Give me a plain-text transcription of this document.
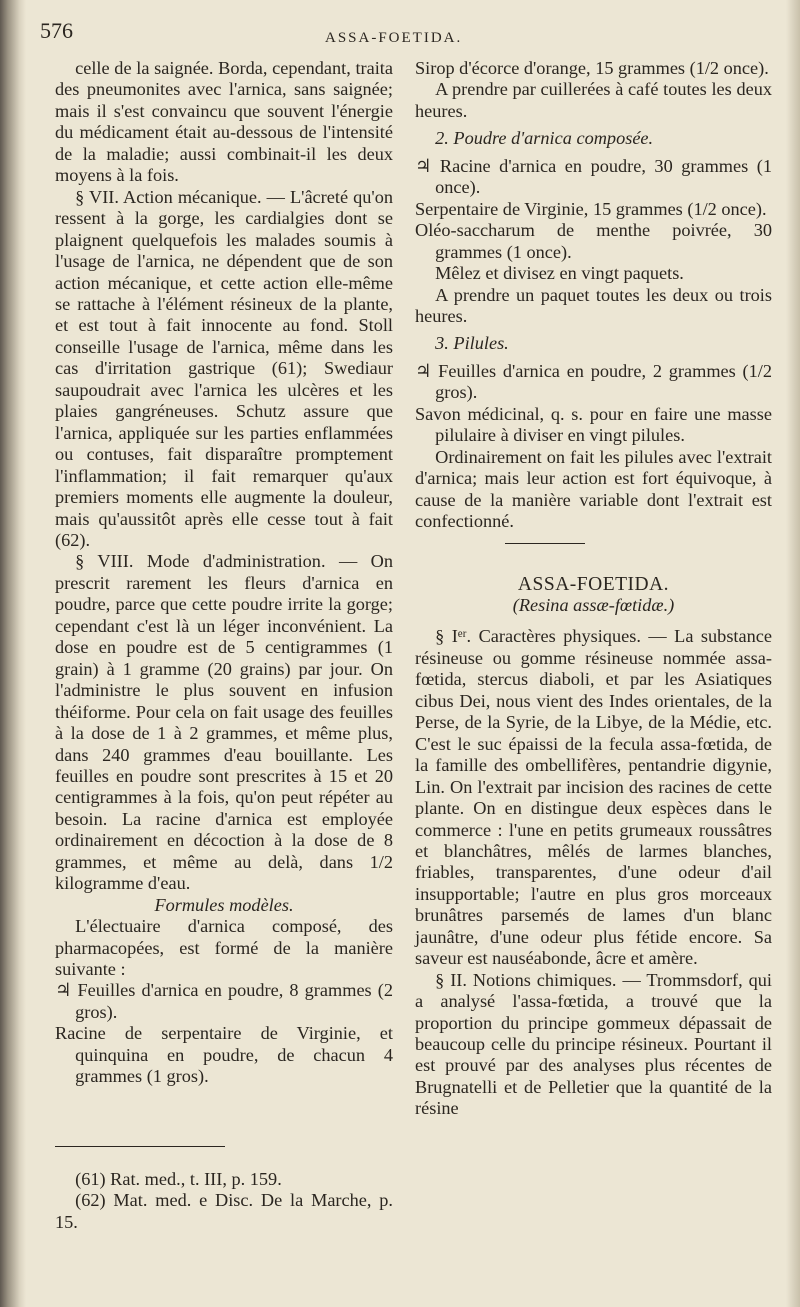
576	ASSA-FOETIDA.

celle de la saignée. Borda, cependant, traita des pneumonites avec l'arnica, sans saignée; mais il s'est convaincu que souvent l'énergie du médicament était au-dessous de l'intensité de la maladie; aussi combinait-il les deux moyens à la fois.

§ VII. Action mécanique. — L'âcreté qu'on ressent à la gorge, les cardialgies dont se plaignent quelquefois les malades soumis à l'usage de l'arnica, ne dépendent que de son action mécanique, et cette action elle-même se rattache à l'élément résineux de la plante, et est tout à fait innocente au fond. Stoll conseille l'usage de l'arnica, même dans les cas d'irritation gastrique (61); Swediaur saupoudrait avec l'arnica les ulcères et les plaies gangréneuses. Schutz assure que l'arnica, appliquée sur les parties enflammées ou contuses, fait disparaître promptement l'inflammation; il fait remarquer qu'aux premiers moments elle augmente la douleur, mais qu'aussitôt après elle cesse tout à fait (62).

§ VIII. Mode d'administration. — On prescrit rarement les fleurs d'arnica en poudre, parce que cette poudre irrite la gorge; cependant c'est là un léger inconvénient. La dose en poudre est de 5 centigrammes (1 grain) à 1 gramme (20 grains) par jour. On l'administre le plus souvent en infusion théiforme. Pour cela on fait usage des feuilles à la dose de 1 à 2 grammes, et même plus, dans 240 grammes d'eau bouillante. Les feuilles en poudre sont prescrites à 15 et 20 centigrammes à la fois, qu'on peut répéter au besoin. La racine d'arnica est employée ordinairement en décoction à la dose de 8 grammes, et même au delà, dans 1/2 kilogramme d'eau.

Formules modèles.

L'électuaire d'arnica composé, des pharmacopées, est formé de la manière suivante :

♃ Feuilles d'arnica en poudre, 8 grammes (2 gros).

Racine de serpentaire de Virginie, et quinquina en poudre, de chacun 4 grammes (1 gros).

(61) Rat. med., t. III, p. 159.

(62) Mat. med. e Disc. De la Marche, p. 15.

Sirop d'écorce d'orange, 15 grammes (1/2 once).

A prendre par cuillerées à café toutes les deux heures.

2. Poudre d'arnica composée.

♃ Racine d'arnica en poudre, 30 grammes (1 once).

Serpentaire de Virginie, 15 grammes (1/2 once).

Oléo-saccharum de menthe poivrée, 30 grammes (1 once).

Mêlez et divisez en vingt paquets.

A prendre un paquet toutes les deux ou trois heures.

3. Pilules.

♃ Feuilles d'arnica en poudre, 2 grammes (1/2 gros).

Savon médicinal, q. s. pour en faire une masse pilulaire à diviser en vingt pilules.

Ordinairement on fait les pilules avec l'extrait d'arnica; mais leur action est fort équivoque, à cause de la manière variable dont l'extrait est confectionné.

ASSA-FOETIDA.

(Resina assæ-fœtidæ.)

§ Iᵉʳ. Caractères physiques. — La substance résineuse ou gomme résineuse nommée assa-fœtida, stercus diaboli, et par les Asiatiques cibus Dei, nous vient des Indes orientales, de la Perse, de la Syrie, de la Libye, de la Médie, etc. C'est le suc épaissi de la fecula assa-fœtida, de la famille des ombellifères, pentandrie digynie, Lin. On l'extrait par incision des racines de cette plante. On en distingue deux espèces dans le commerce : l'une en petits grumeaux roussâtres et blanchâtres, mêlés de larmes blanches, friables, transparentes, d'une odeur d'ail insupportable; l'autre en plus gros morceaux brunâtres parsemés de lames d'un blanc jaunâtre, d'une odeur plus fétide encore. Sa saveur est nauséabonde, âcre et amère.

§ II. Notions chimiques. — Trommsdorf, qui a analysé l'assa-fœtida, a trouvé que la proportion du principe gommeux dépassait de beaucoup celle du principe résineux. Pourtant il est prouvé par des analyses plus récentes de Brugnatelli et de Pelletier que la quantité de la résine
